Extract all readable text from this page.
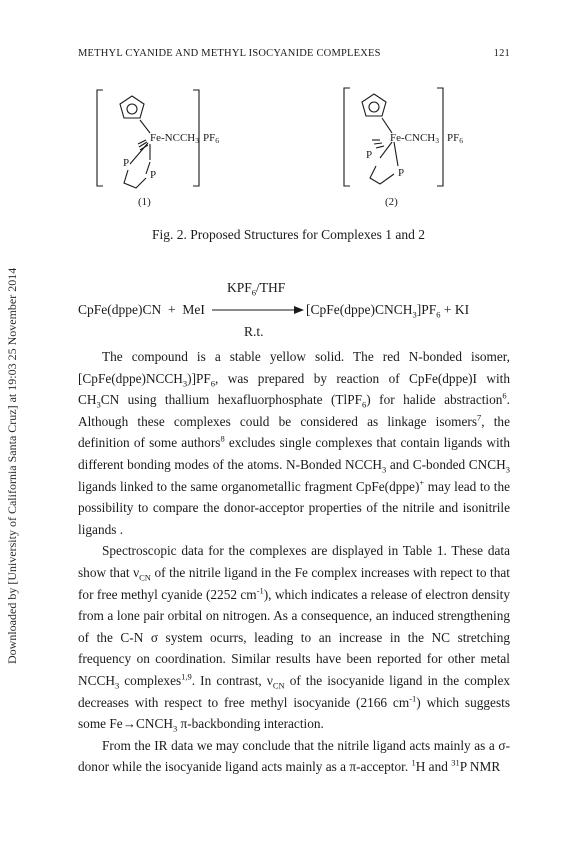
METHYL CYANIDE AND METHYL ISOCYANIDE COMPLEXES	121
Downloaded by [University of California Santa Cruz] at 19:03 25 November 2014
Fe-NCCH3 PF6
P
P
(1)
Fe-CNCH3 PF6
P
P
(2)
Fig. 2. Proposed Structures for Complexes 1 and 2
$KPF_6$/THF
CpFe(dppe)CN  +  MeI	$[CpFe(dppe)CNCH_3]PF_6$ + KI
R.t.

The compound is a stable yellow solid. The red N-bonded isomer, $[CpFe(dppe)NCCH_3)]PF_6$, was prepared by reaction of CpFe(dppe)I with $CH_3CN$ using thallium hexafluorphosphate (TlPF$_6$) for halide abstraction$^6$. Although these complexes could be considered as linkage isomers$^7$, the definition of some authors$^8$ excludes single complexes that contain ligands with different bonding modes of the atoms. N-Bonded $NCCH_3$ and C-bonded $CNCH_3$ ligands linked to the same organometallic fragment CpFe(dppe)+ may lead to the possibility to compare the donor-acceptor properties of the nitrile and isonitrile ligands .

Spectroscopic data for the complexes are displayed in Table 1. These data show that $\nu_{CN}$ of the nitrile ligand in the Fe complex increases with repect to that for free methyl cyanide (2252 $cm^{-1}$), which indicates a release of electron density from a lone pair orbital on nitrogen. As a consequence, an induced strengthening of the C-N σ system ocurrs, leading to an increase in the NC stretching frequency on coordination. Similar results have been reported for other metal $NCCH_3$ complexes$^{1,9}$. In contrast, $\nu_{CN}$ of the isocyanide ligand in the complex decreases with respect to free methyl isocyanide (2166 $cm^{-1}$) which suggests some $Fe\to CNCH_3$ π-backbonding interaction.

From the IR data we may conclude that the nitrile ligand acts mainly as a σ-donor while the isocyanide ligand acts mainly as a π-acceptor. $^1$H and $^{31}$P NMR
